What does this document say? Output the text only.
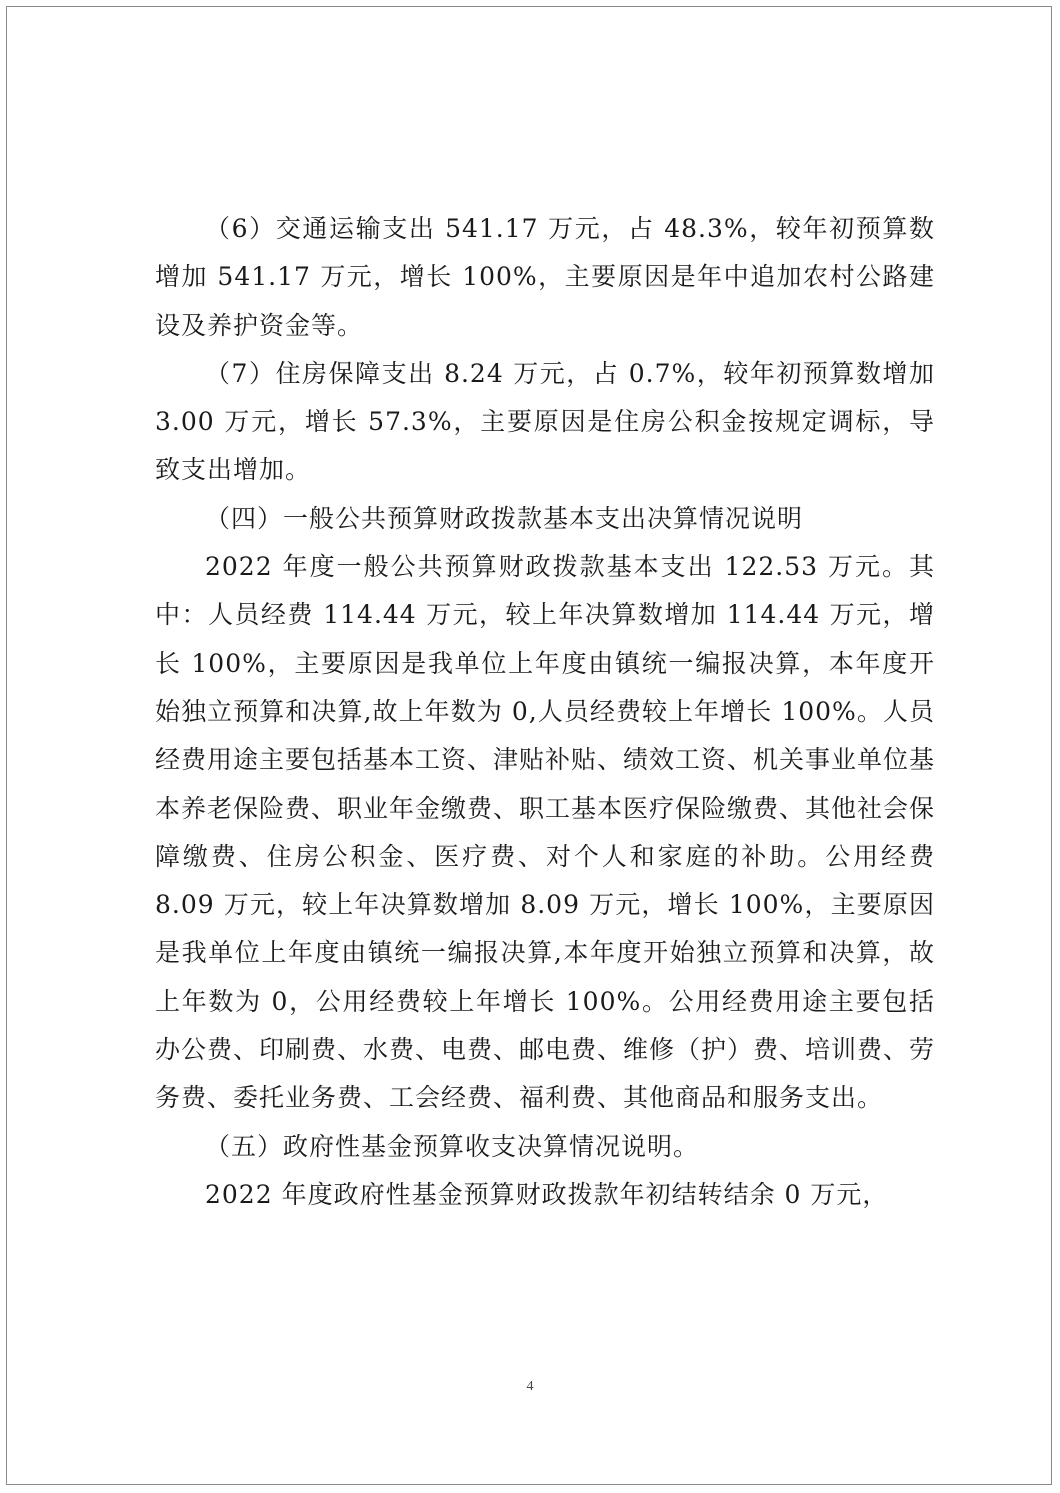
（6）交通运输支出 541.17 万元，占 48.3%，较年初预算数增加 541.17 万元，增长 100%，主要原因是年中追加农村公路建设及养护资金等。

（7）住房保障支出 8.24 万元，占 0.7%，较年初预算数增加 3.00 万元，增长 57.3%，主要原因是住房公积金按规定调标，导致支出增加。

（四）一般公共预算财政拨款基本支出决算情况说明

2022 年度一般公共预算财政拨款基本支出 122.53 万元。其中：人员经费 114.44 万元，较上年决算数增加 114.44 万元，增长 100%，主要原因是我单位上年度由镇统一编报决算，本年度开始独立预算和决算,故上年数为 0,人员经费较上年增长 100%。人员经费用途主要包括基本工资、津贴补贴、绩效工资、机关事业单位基本养老保险费、职业年金缴费、职工基本医疗保险缴费、其他社会保障缴费、住房公积金、医疗费、对个人和家庭的补助。公用经费 8.09 万元，较上年决算数增加 8.09 万元，增长 100%，主要原因是我单位上年度由镇统一编报决算,本年度开始独立预算和决算，故上年数为 0，公用经费较上年增长 100%。公用经费用途主要包括办公费、印刷费、水费、电费、邮电费、维修（护）费、培训费、劳务费、委托业务费、工会经费、福利费、其他商品和服务支出。

（五）政府性基金预算收支决算情况说明。

2022 年度政府性基金预算财政拨款年初结转结余 0 万元，

4
